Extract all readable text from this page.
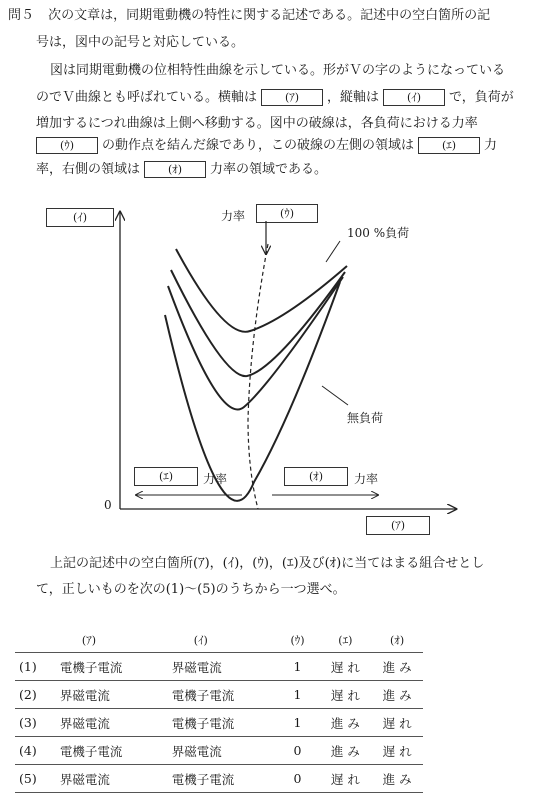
問５ 次の文章は，同期電動機の特性に関する記述である。記述中の空白箇所の記
号は，図中の記号と対応している。
図は同期電動機の位相特性曲線を示している。形がＶの字のようになっている
のでＶ曲線とも呼ばれている。横軸は	(ｱ) ，縦軸は	(ｲ) で，負荷が
増加するにつれ曲線は上側へ移動する。図中の破線は，各負荷における力率
(ｳ) の動作点を結んだ線であり，この破線の左側の領域は	(ｴ) 力
率，右側の領域は	(ｵ) 力率の領域である。
(ｲ)	力率	(ｳ)
100 %負荷
無負荷
0
(ｴ)	力率	(ｵ)	力率
(ｱ)
上記の記述中の空白箇所(ｱ)，(ｲ)，(ｳ)，(ｴ)及び(ｵ)に当てはまる組合せとし
て，正しいものを次の(1)～(5)のうちから一つ選べ。
	(ｱ)	(ｲ)	(ｳ)	(ｴ)	(ｵ)
(1)	電機子電流	界磁電流	1	遅 れ	進 み
(2)	界磁電流	電機子電流	1	遅 れ	進 み
(3)	界磁電流	電機子電流	1	進 み	遅 れ
(4)	電機子電流	界磁電流	0	進 み	遅 れ
(5)	界磁電流	電機子電流	0	遅 れ	進 み
